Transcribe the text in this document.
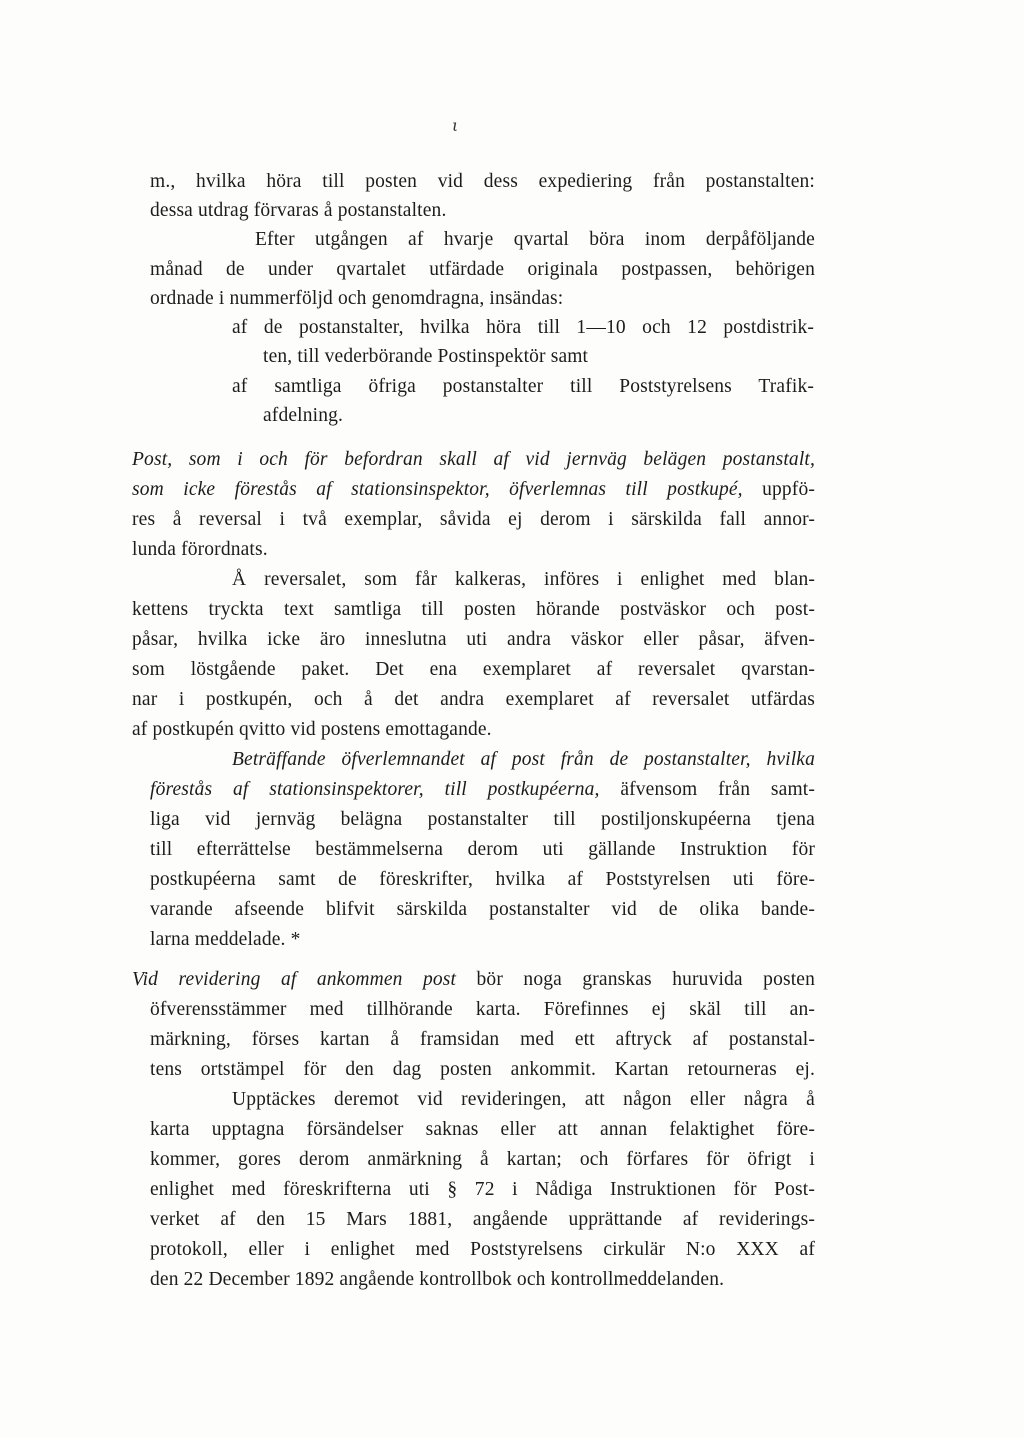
ι

m., hvilka höra till posten vid dess expediering från postanstalten:

dessa utdrag förvaras å postanstalten.

Efter utgången af hvarje qvartal böra inom derpåföljande

månad de under qvartalet utfärdade originala postpassen, behörigen

ordnade i nummerföljd och genomdragna, insändas:

af de postanstalter, hvilka höra till 1—10 och 12 postdistrik-

ten, till vederbörande Postinspektör samt

af samtliga öfriga postanstalter till Poststyrelsens Trafik-

afdelning.

Post, som i och för befordran skall af vid jernväg belägen postanstalt,

som icke förestås af stationsinspektor, öfverlemnas till postkupé, uppfö-

res å reversal i två exemplar, såvida ej derom i särskilda fall annor-

lunda förordnats.

Å reversalet, som får kalkeras, införes i enlighet med blan-

kettens tryckta text samtliga till posten hörande postväskor och post-

påsar, hvilka icke äro inneslutna uti andra väskor eller påsar, äfven-

som löstgående paket. Det ena exemplaret af reversalet qvarstan-

nar i postkupén, och å det andra exemplaret af reversalet utfärdas

af postkupén qvitto vid postens emottagande.

Beträffande öfverlemnandet af post från de postanstalter, hvilka

förestås af stationsinspektorer, till postkupéerna, äfvensom från samt-

liga vid jernväg belägna postanstalter till postiljonskupéerna tjena

till efterrättelse bestämmelserna derom uti gällande Instruktion för

postkupéerna samt de föreskrifter, hvilka af Poststyrelsen uti före-

varande afseende blifvit särskilda postanstalter vid de olika bande-

larna meddelade. *

Vid revidering af ankommen post bör noga granskas huruvida posten

öfverensstämmer med tillhörande karta. Förefinnes ej skäl till an-

märkning, förses kartan å framsidan med ett aftryck af postanstal-

tens ortstämpel för den dag posten ankommit. Kartan retourneras ej.

Upptäckes deremot vid revideringen, att någon eller några å

karta upptagna försändelser saknas eller att annan felaktighet före-

kommer, gores derom anmärkning å kartan; och förfares för öfrigt i

enlighet med föreskrifterna uti § 72 i Nådiga Instruktionen för Post-

verket af den 15 Mars 1881, angående upprättande af reviderings-

protokoll, eller i enlighet med Poststyrelsens cirkulär N:o XXX af

den 22 December 1892 angående kontrollbok och kontrollmeddelanden.
